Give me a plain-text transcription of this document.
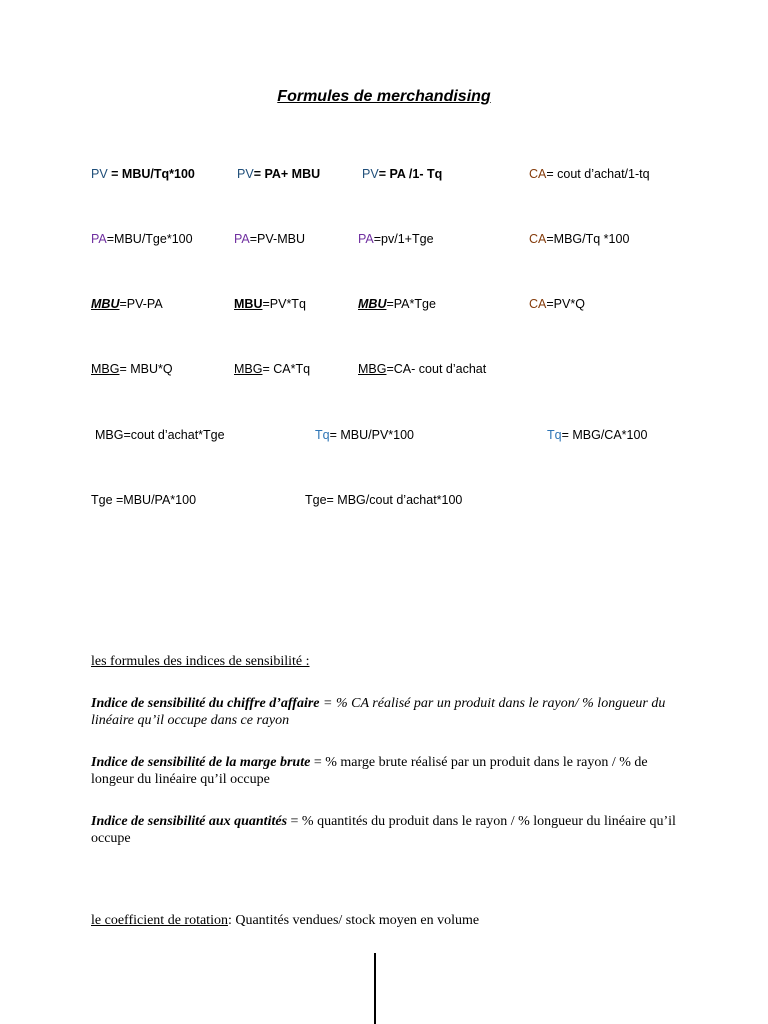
Formules de merchandising
PV = MBU/Tq*100	PV= PA+ MBU	PV= PA /1- Tq	CA= cout d’achat/1-tq
PA=MBU/Tge*100	PA=PV-MBU	PA=pv/1+Tge	CA=MBG/Tq *100
MBU=PV-PA	MBU=PV*Tq	MBU=PA*Tge	CA=PV*Q
MBG= MBU*Q	MBG= CA*Tq	MBG=CA- cout d’achat
MBG=cout d’achat*Tge	Tq= MBU/PV*100	Tq= MBG/CA*100
Tge =MBU/PA*100	Tge= MBG/cout d’achat*100
les formules des indices de sensibilité :
Indice de sensibilité du chiffre d’affaire = % CA réalisé par un produit dans le rayon/ % longueur du linéaire qu’il occupe dans ce rayon
Indice de sensibilité de la marge brute = % marge brute réalisé par un produit dans le rayon / % de longeur du linéaire qu’il occupe
Indice de sensibilité aux quantités = % quantités du produit dans le rayon / % longueur du linéaire qu’il occupe
le coefficient de rotation: Quantités vendues/ stock moyen en volume
